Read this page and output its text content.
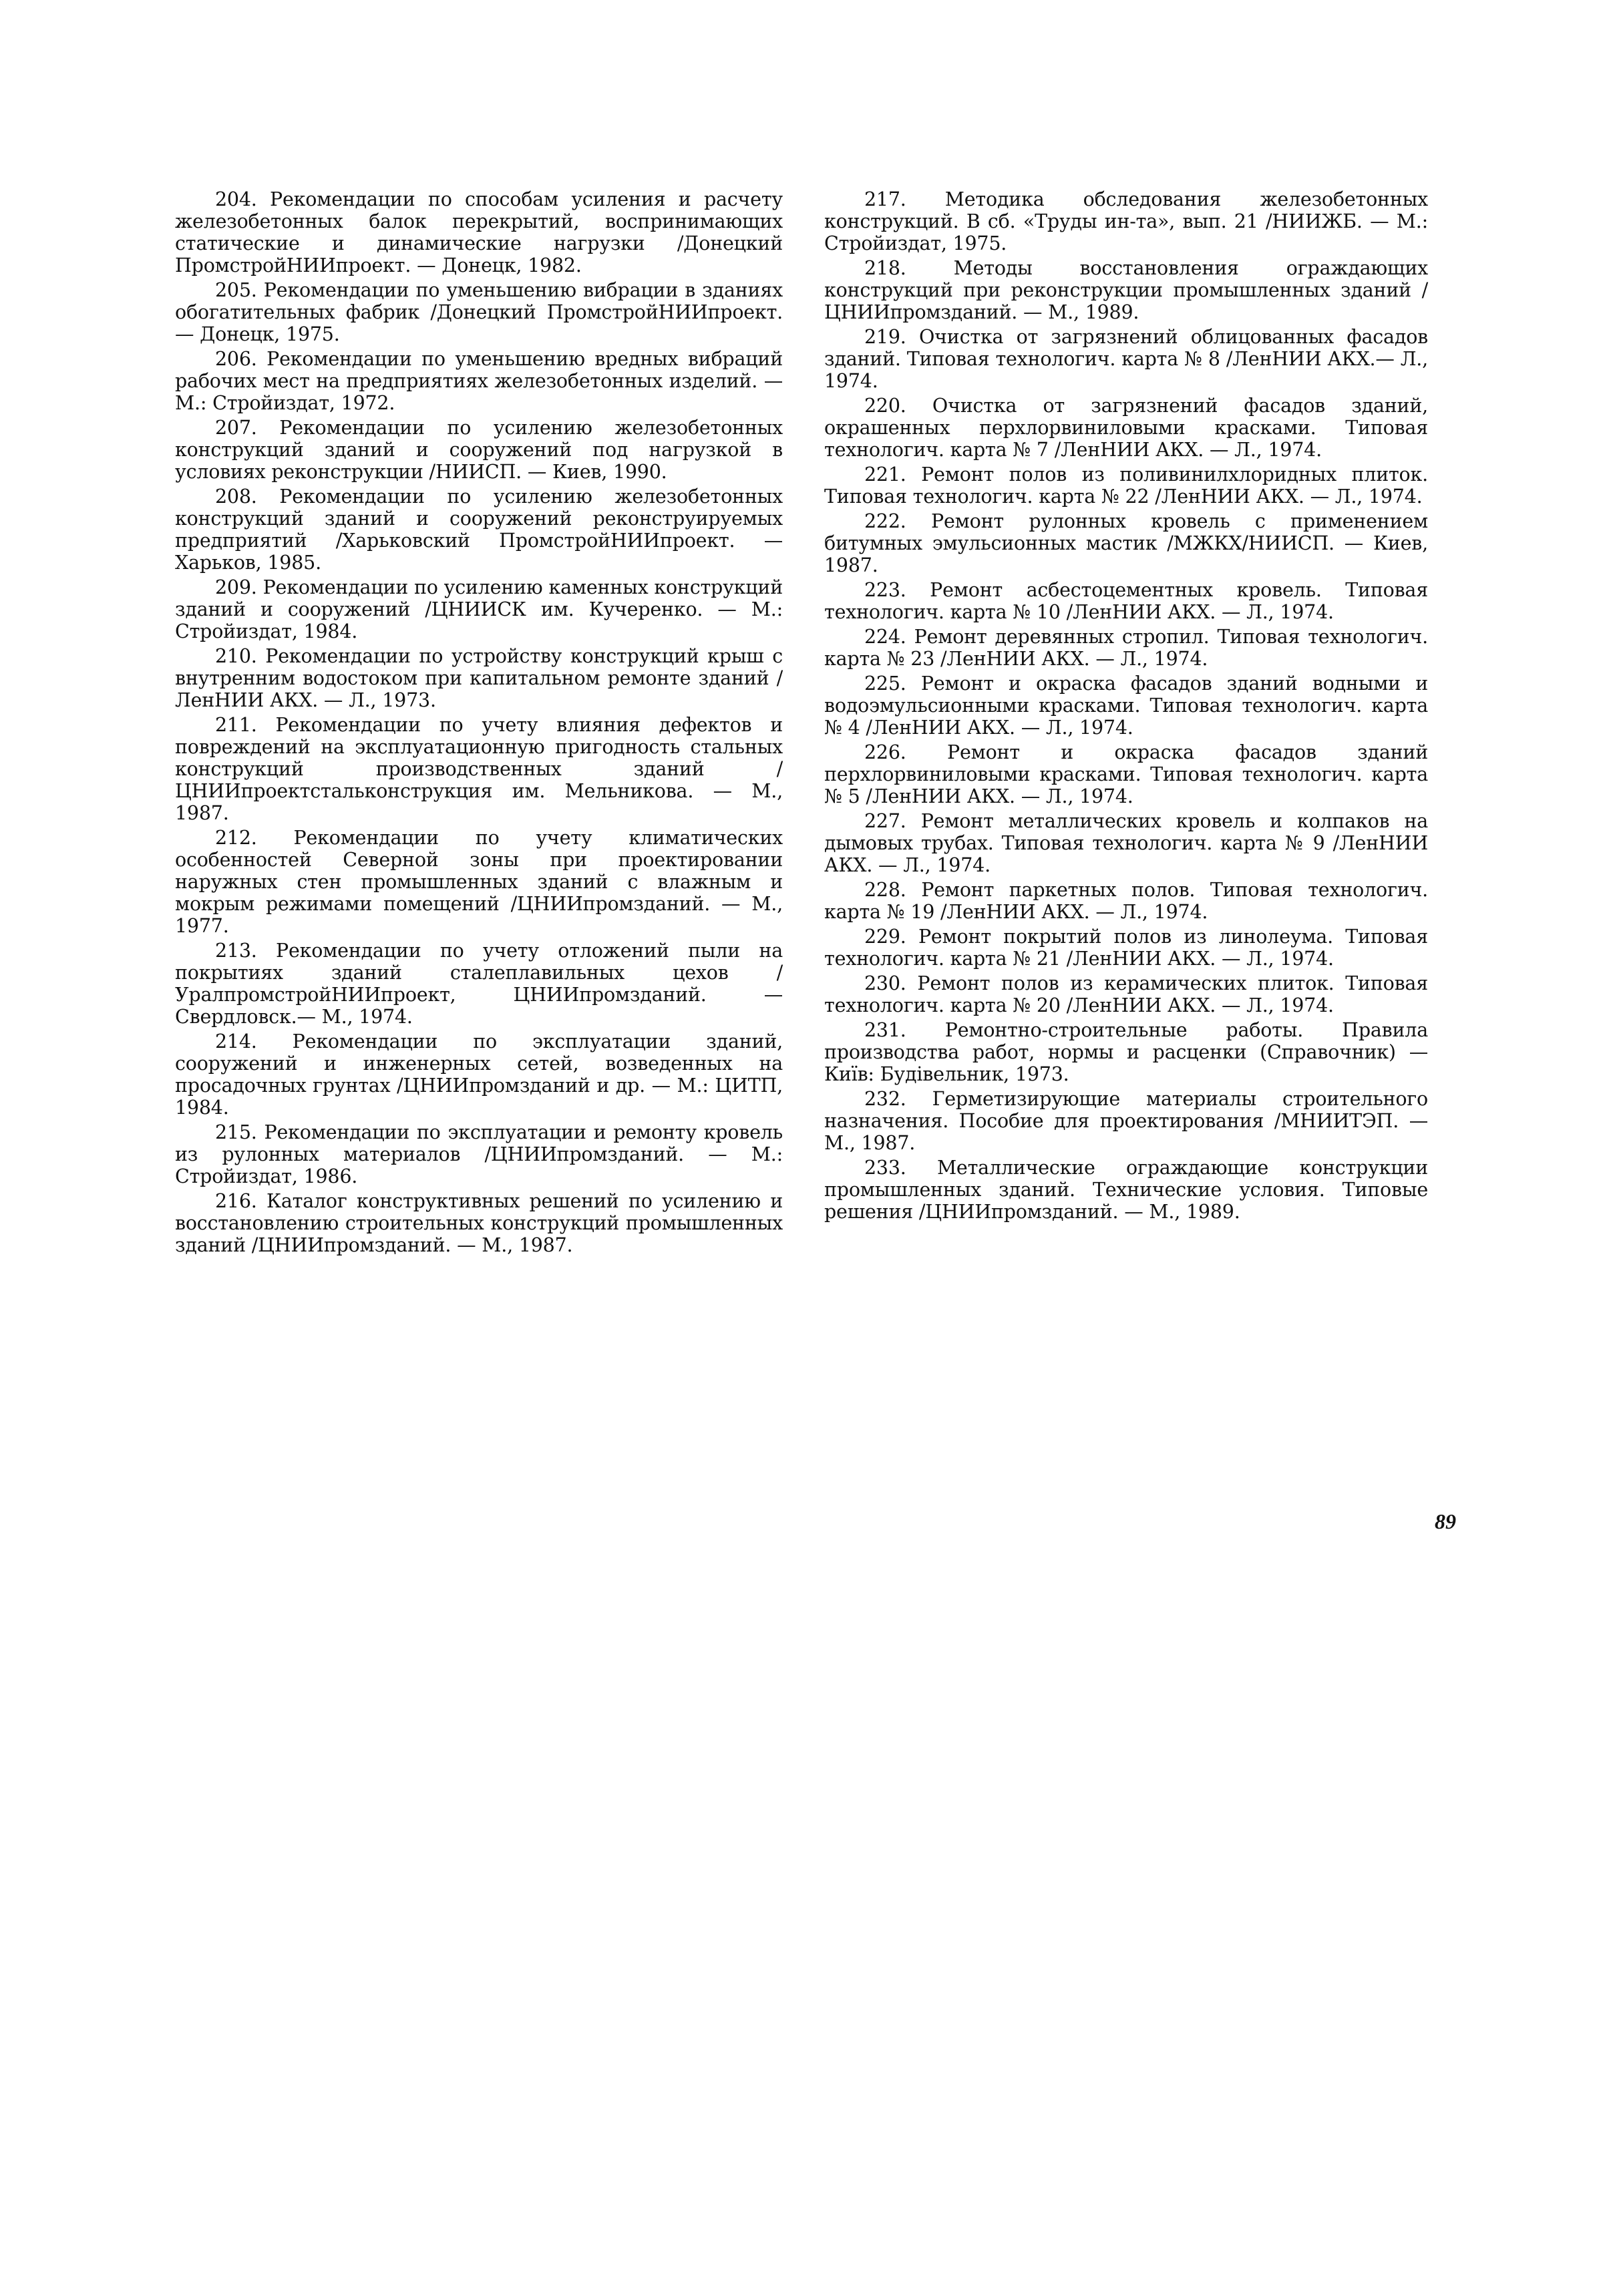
204. Рекомендации по способам усиления и расчету железобетонных балок перекрытий, воспринимающих статические и динамические нагрузки /Донецкий ПромстройНИИпроект. — Донецк, 1982.

205. Рекомендации по уменьшению вибрации в зданиях обогатительных фабрик /Донецкий ПромстройНИИпроект. — Донецк, 1975.

206. Рекомендации по уменьшению вредных вибраций рабочих мест на предприятиях железобетонных изделий. — М.: Стройиздат, 1972.

207. Рекомендации по усилению железобетонных конструкций зданий и сооружений под нагрузкой в условиях реконструкции /НИИСП. — Киев, 1990.

208. Рекомендации по усилению железобетонных конструкций зданий и сооружений реконструируемых предприятий /Харьковский ПромстройНИИпроект. — Харьков, 1985.

209. Рекомендации по усилению каменных конструкций зданий и сооружений /ЦНИИСК им. Кучеренко. — М.: Стройиздат, 1984.

210. Рекомендации по устройству конструкций крыш с внутренним водостоком при капитальном ремонте зданий /ЛенНИИ АКХ. — Л., 1973.

211. Рекомендации по учету влияния дефектов и повреждений на эксплуатационную пригодность стальных конструкций производственных зданий /ЦНИИпроектстальконструкция им. Мельникова. — М., 1987.

212. Рекомендации по учету климатических особенностей Северной зоны при проектировании наружных стен промышленных зданий с влажным и мокрым режимами помещений /ЦНИИпромзданий. — М., 1977.

213. Рекомендации по учету отложений пыли на покрытиях зданий сталеплавильных цехов /УралпромстройНИИпроект, ЦНИИпромзданий. — Свердловск.— М., 1974.

214. Рекомендации по эксплуатации зданий, сооружений и инженерных сетей, возведенных на просадочных грунтах /ЦНИИпромзданий и др. — М.: ЦИТП, 1984.

215. Рекомендации по эксплуатации и ремонту кровель из рулонных материалов /ЦНИИпромзданий. — М.: Стройиздат, 1986.

216. Каталог конструктивных решений по усилению и восстановлению строительных конструкций промышленных зданий /ЦНИИпромзданий. — М., 1987.

217. Методика обследования железобетонных конструкций. В сб. «Труды ин-та», вып. 21 /НИИЖБ. — М.: Стройиздат, 1975.

218. Методы восстановления ограждающих конструкций при реконструкции промышленных зданий /ЦНИИпромзданий. — М., 1989.

219. Очистка от загрязнений облицованных фасадов зданий. Типовая технологич. карта № 8 /ЛенНИИ АКХ.— Л., 1974.

220. Очистка от загрязнений фасадов зданий, окрашенных перхлорвиниловыми красками. Типовая технологич. карта № 7 /ЛенНИИ АКХ. — Л., 1974.

221. Ремонт полов из поливинилхлоридных плиток. Типовая технологич. карта № 22 /ЛенНИИ АКХ. — Л., 1974.

222. Ремонт рулонных кровель с применением битумных эмульсионных мастик /МЖКХ/НИИСП. — Киев, 1987.

223. Ремонт асбестоцементных кровель. Типовая технологич. карта № 10 /ЛенНИИ АКХ. — Л., 1974.

224. Ремонт деревянных стропил. Типовая технологич. карта № 23 /ЛенНИИ АКХ. — Л., 1974.

225. Ремонт и окраска фасадов зданий водными и водоэмульсионными красками. Типовая технологич. карта № 4 /ЛенНИИ АКХ. — Л., 1974.

226. Ремонт и окраска фасадов зданий перхлорвиниловыми красками. Типовая технологич. карта № 5 /ЛенНИИ АКХ. — Л., 1974.

227. Ремонт металлических кровель и колпаков на дымовых трубах. Типовая технологич. карта № 9 /ЛенНИИ АКХ. — Л., 1974.

228. Ремонт паркетных полов. Типовая технологич. карта № 19 /ЛенНИИ АКХ. — Л., 1974.

229. Ремонт покрытий полов из линолеума. Типовая технологич. карта № 21 /ЛенНИИ АКХ. — Л., 1974.

230. Ремонт полов из керамических плиток. Типовая технологич. карта № 20 /ЛенНИИ АКХ. — Л., 1974.

231. Ремонтно-строительные работы. Правила производства работ, нормы и расценки (Справочник) — Київ: Будівельник, 1973.

232. Герметизирующие материалы строительного назначения. Пособие для проектирования /МНИИТЭП. — М., 1987.

233. Металлические ограждающие конструкции промышленных зданий. Технические условия. Типовые решения /ЦНИИпромзданий. — М., 1989.

89
